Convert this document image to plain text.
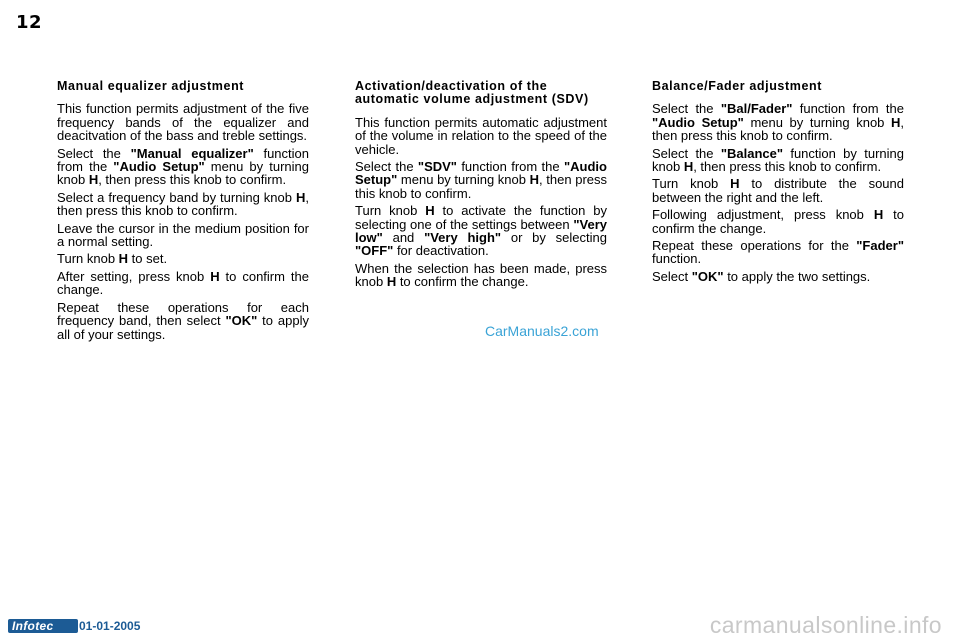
12
Manual equalizer adjustment

This function permits adjustment of the five frequency bands of the equalizer and deacitvation of the bass and treble settings.

Select the "Manual equalizer" function from the "Audio Setup" menu by turning knob H, then press this knob to confirm.

Select a frequency band by turning knob H, then press this knob to confirm.

Leave the cursor in the medium position for a normal setting.

Turn knob H to set.

After setting, press knob H to confirm the change.

Repeat these operations for each frequency band, then select "OK" to apply all of your settings.

Activation/deactivation of the automatic volume adjustment (SDV)

This function permits automatic adjustment of the volume in relation to the speed of the vehicle.

Select the "SDV" function from the "Audio Setup" menu by turning knob H, then press this knob to confirm.

Turn knob H to activate the function by selecting one of the settings between "Very low" and "Very high" or by selecting "OFF" for deactivation.

When the selection has been made, press knob H to confirm the change.

Balance/Fader adjustment

Select the "Bal/Fader" function from the "Audio Setup" menu by turning knob H, then press this knob to confirm.

Select the "Balance" function by turning knob H, then press this knob to confirm.

Turn knob H to distribute the sound between the right and the left.

Following adjustment, press knob H to confirm the change.

Repeat these operations for the "Fader" function.

Select "OK" to apply the two settings.

CarManuals2.com
Infotec	01-01-2005	carmanualsonline.info
